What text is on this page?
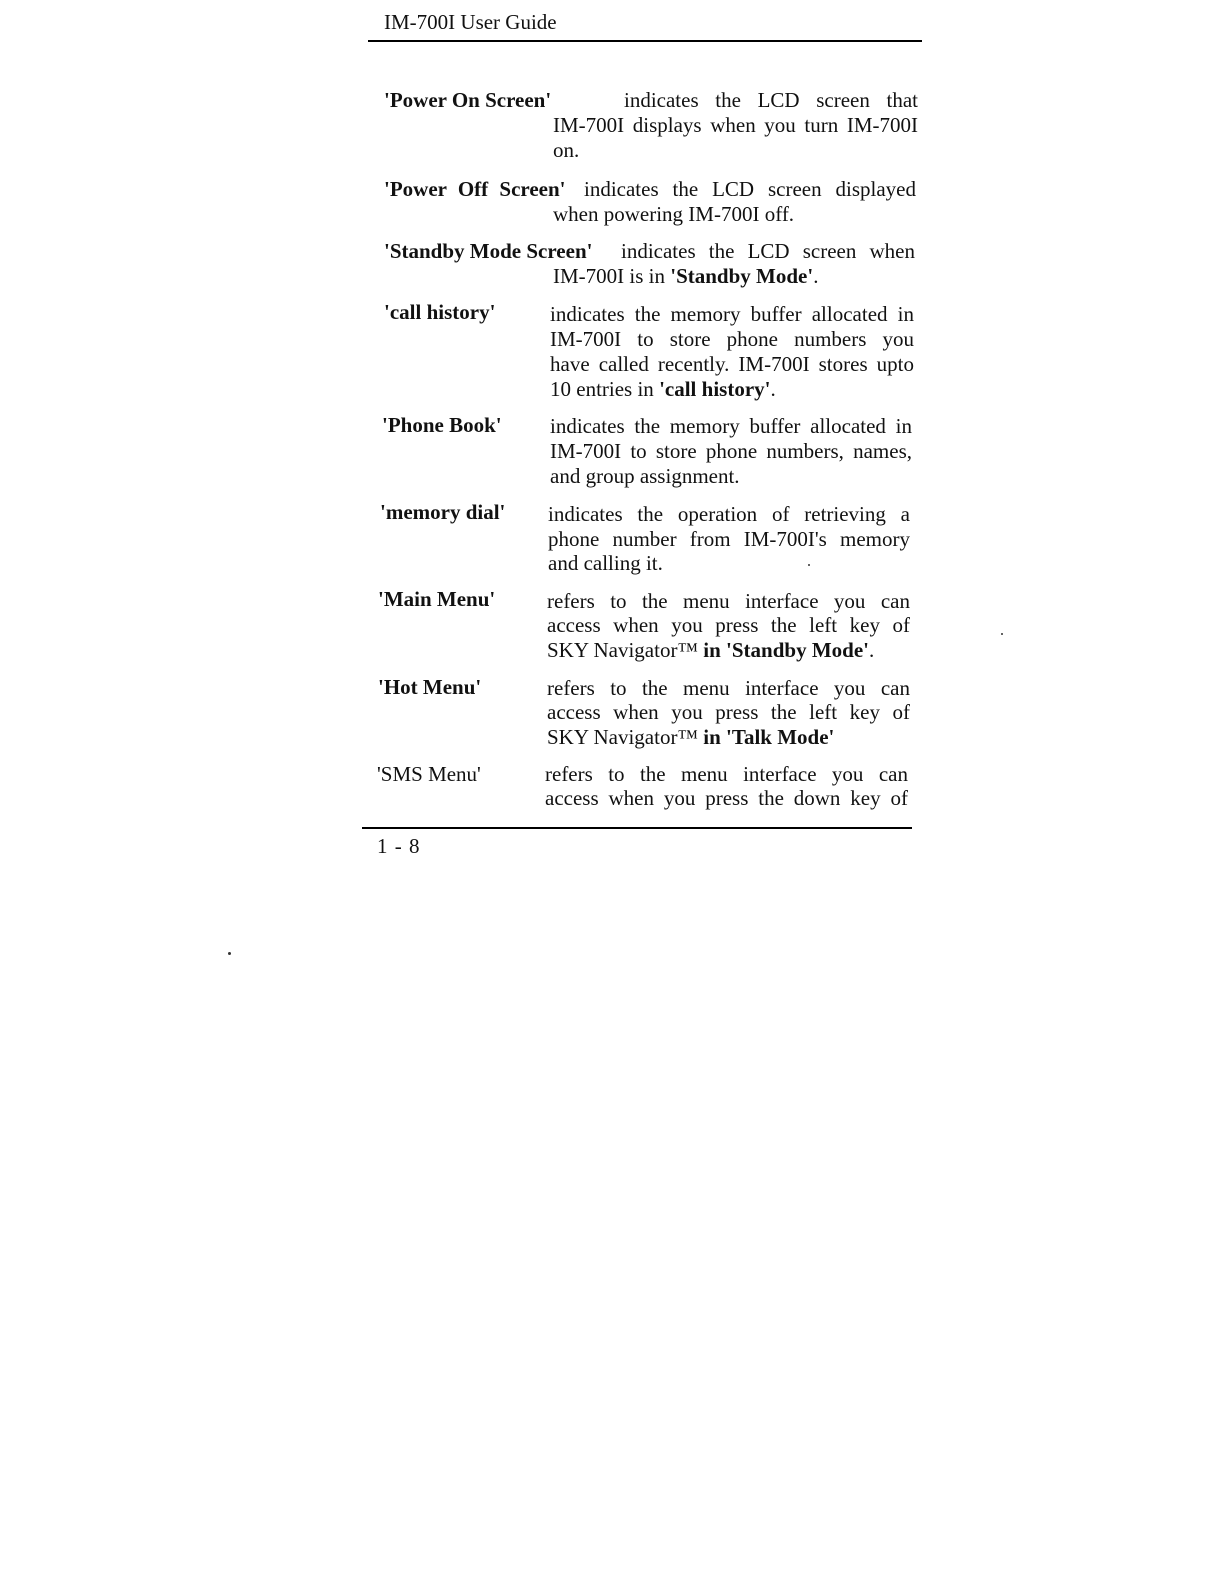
IM-700I User Guide
'Power On Screen'	indicates the LCD screen that
IM-700I displays when you turn IM-700I
on.
'Power Off Screen' indicates the LCD screen displayed
when powering IM-700I off.
'Standby Mode Screen' indicates the LCD screen when
IM-700I is in 'Standby Mode'.
'call history'	indicates the memory buffer allocated in
IM-700I to store phone numbers you
have called recently. IM-700I stores upto
10 entries in 'call history'.
'Phone Book' indicates the memory buffer allocated in
IM-700I to store phone numbers, names,
and group assignment.
'memory dial' indicates the operation of retrieving a
phone number from IM-700I's memory
and calling it.
'Main Menu' refers to the menu interface you can
access when you press the left key of
SKY Navigator™ in 'Standby Mode'.
'Hot Menu'	refers to the menu interface you can
access when you press the left key of
SKY Navigator™ in 'Talk Mode'
'SMS Menu'	refers to the menu interface you can
access when you press the down key of
1 - 8
